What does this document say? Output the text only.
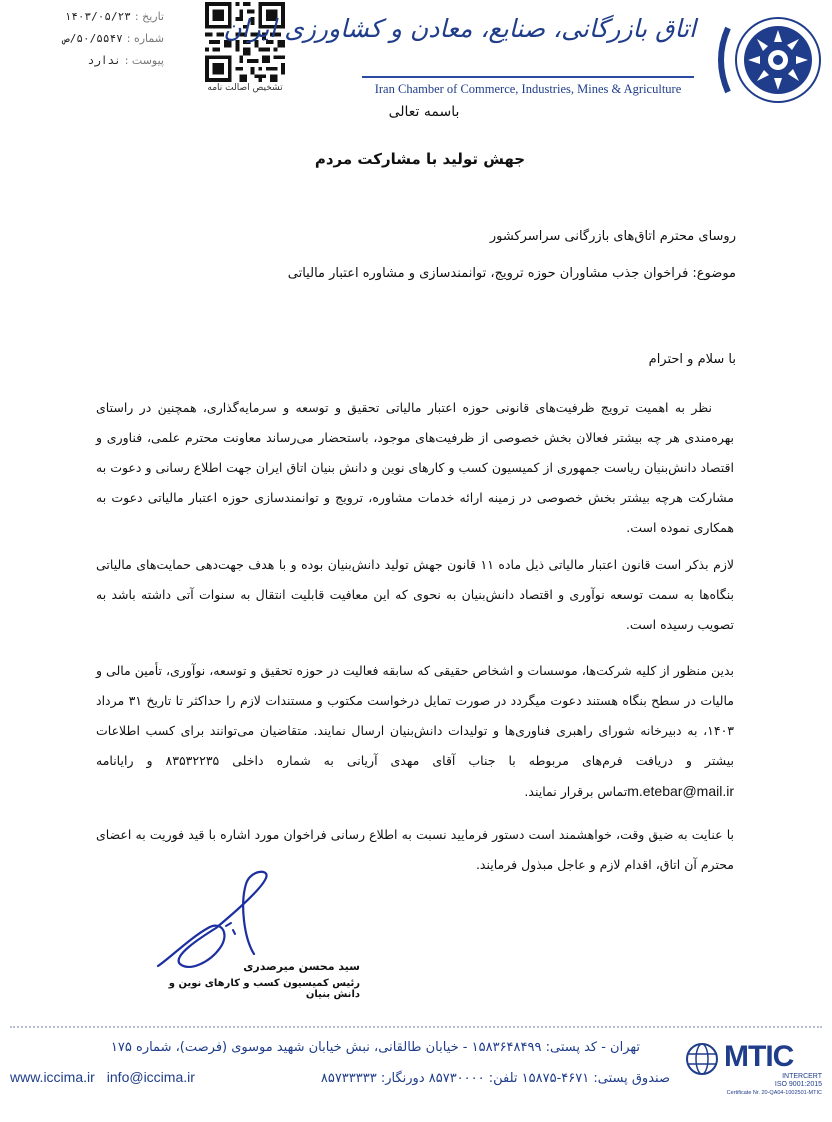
تاریخ :
۱۴۰۳/۰۵/۲۳
شماره :
۵۰/۵۵۴۷/ص
پیوست :
ندارد
تشخیص اصالت نامه
اتاق بازرگانی، صنایع، معادن و کشاورزی ایران
Iran Chamber of Commerce, Industries, Mines & Agriculture
باسمه تعالی
جهش تولید با مشارکت مردم
روسای محترم اتاق‌های بازرگانی سراسرکشور
موضوع: فراخوان جذب مشاوران حوزه ترویج، توانمندسازی و مشاوره اعتبار مالیاتی
با سلام و احترام
نظر به اهمیت ترویج ظرفیت‌های قانونی حوزه اعتبار مالیاتی تحقیق و توسعه و سرمایه‌گذاری، همچنین در راستای بهره‌مندی هر چه بیشتر فعالان بخش خصوصی از ظرفیت‌های موجود، باستحضار می‌رساند معاونت محترم علمی، فناوری و اقتصاد دانش‌بنیان ریاست جمهوری از کمیسیون کسب و کارهای نوین و دانش بنیان اتاق ایران جهت اطلاع رسانی و دعوت به مشارکت هرچه بیشتر بخش خصوصی در زمینه ارائه خدمات مشاوره، ترویج و توانمندسازی حوزه اعتبار مالیاتی دعوت به همکاری نموده است.
لازم بذکر است قانون اعتبار مالیاتی ذیل ماده ۱۱ قانون جهش تولید دانش‌بنیان بوده و با هدف جهت‌دهی حمایت‌های مالیاتی بنگاه‌ها به سمت توسعه نوآوری و اقتصاد دانش‌بنیان به نحوی که این معافیت قابلیت انتقال به سنوات آتی داشته باشد به تصویب رسیده است.
بدین منظور از کلیه شرکت‌ها، موسسات و اشخاص حقیقی که سابقه فعالیت در حوزه تحقیق و توسعه، نوآوری، تأمین مالی و مالیات در سطح بنگاه هستند دعوت میگردد در صورت تمایل درخواست مکتوب و مستندات لازم را حداکثر تا تاریخ ۳۱ مرداد ۱۴۰۳، به دبیرخانه شورای راهبری فناوری‌ها و تولیدات دانش‌بنیان ارسال نمایند. متقاضیان می‌توانند برای کسب اطلاعات بیشتر و دریافت فرم‌های مربوطه با جناب آقای مهدی آریانی به شماره داخلی ۸۳۵۳۲۲۳۵ و رایانامه m.etebar@mail.irتماس برقرار نمایند.
با عنایت به ضیق وقت، خواهشمند است دستور فرمایید نسبت به اطلاع رسانی فراخوان مورد اشاره با قید فوریت به اعضای محترم آن اتاق، اقدام لازم و عاجل مبذول فرمایند.
سید محسن میرصدری
رئیس کمیسیون کسب و کارهای نوین و دانش بنیان
تهران - کد پستی: ۱۵۸۳۶۴۸۴۹۹ - خیابان طالقانی، نبش خیابان شهید موسوی (فرصت)، شماره ۱۷۵
www.iccima.ir info@iccima.ir	صندوق پستی: ۴۶۷۱-۱۵۸۷۵ تلفن: ۸۵۷۳۰۰۰۰ دورنگار: ۸۵۷۳۳۳۳۳
MTIC
INTERCERT
ISO 9001:2015
Certificate Nr. 20-QA04-1002501-MTIC
